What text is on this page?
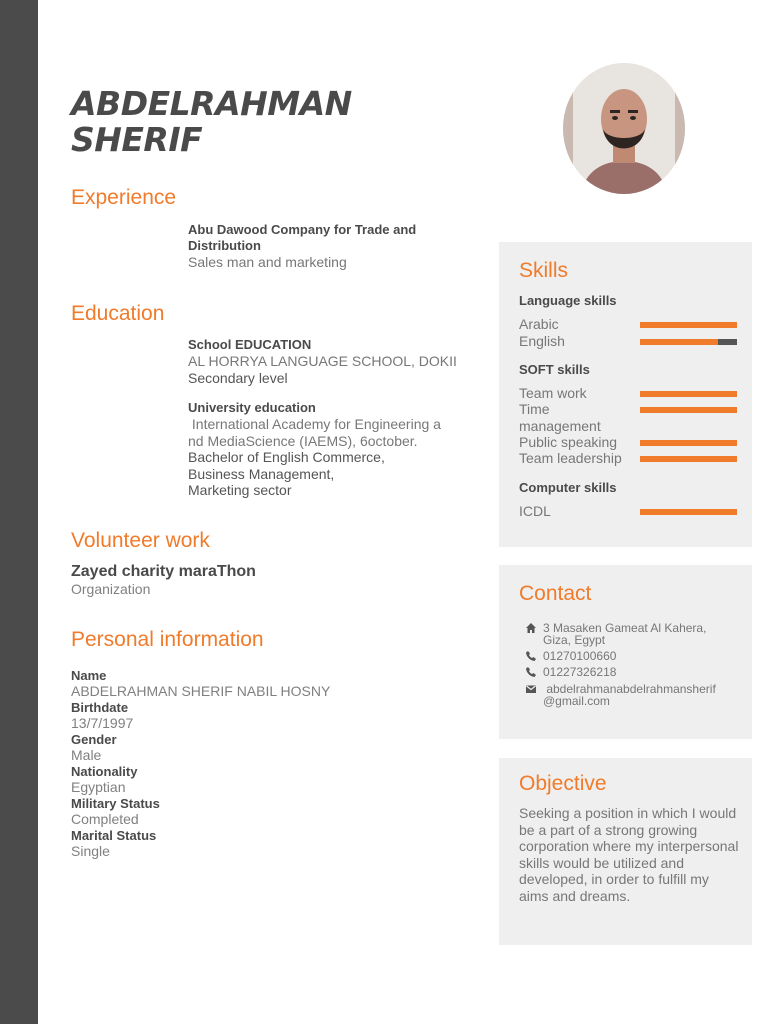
ABDELRAHMAN
SHERIF
Experience
Abu Dawood Company for Trade and
Distribution
Sales man and marketing
Education
School EDUCATION
AL HORRYA LANGUAGE SCHOOL, DOKII
Secondary level
University education
International Academy for Engineering a
nd MediaScience (IAEMS), 6october.
Bachelor of English Commerce,
Business Management,
Marketing sector
Volunteer work
Zayed charity maraThon
Organization
Personal information
Name
ABDELRAHMAN SHERIF NABIL HOSNY
Birthdate
13/7/1997
Gender
Male
Nationality
Egyptian
Military Status
Completed
Marital Status
Single
Skills
Language skills
Arabic
English
SOFT skills
Team work
Time
management
Public speaking
Team leadership
Computer skills
ICDL
Contact
3 Masaken Gameat Al Kahera,
Giza, Egypt
01270100660
01227326218
abdelrahmanabdelrahmansherif
@gmail.com
Objective
Seeking a position in which I would be a part of a strong growing corporation where my interpersonal skills would be utilized and developed, in order to fulfill my aims and dreams.
